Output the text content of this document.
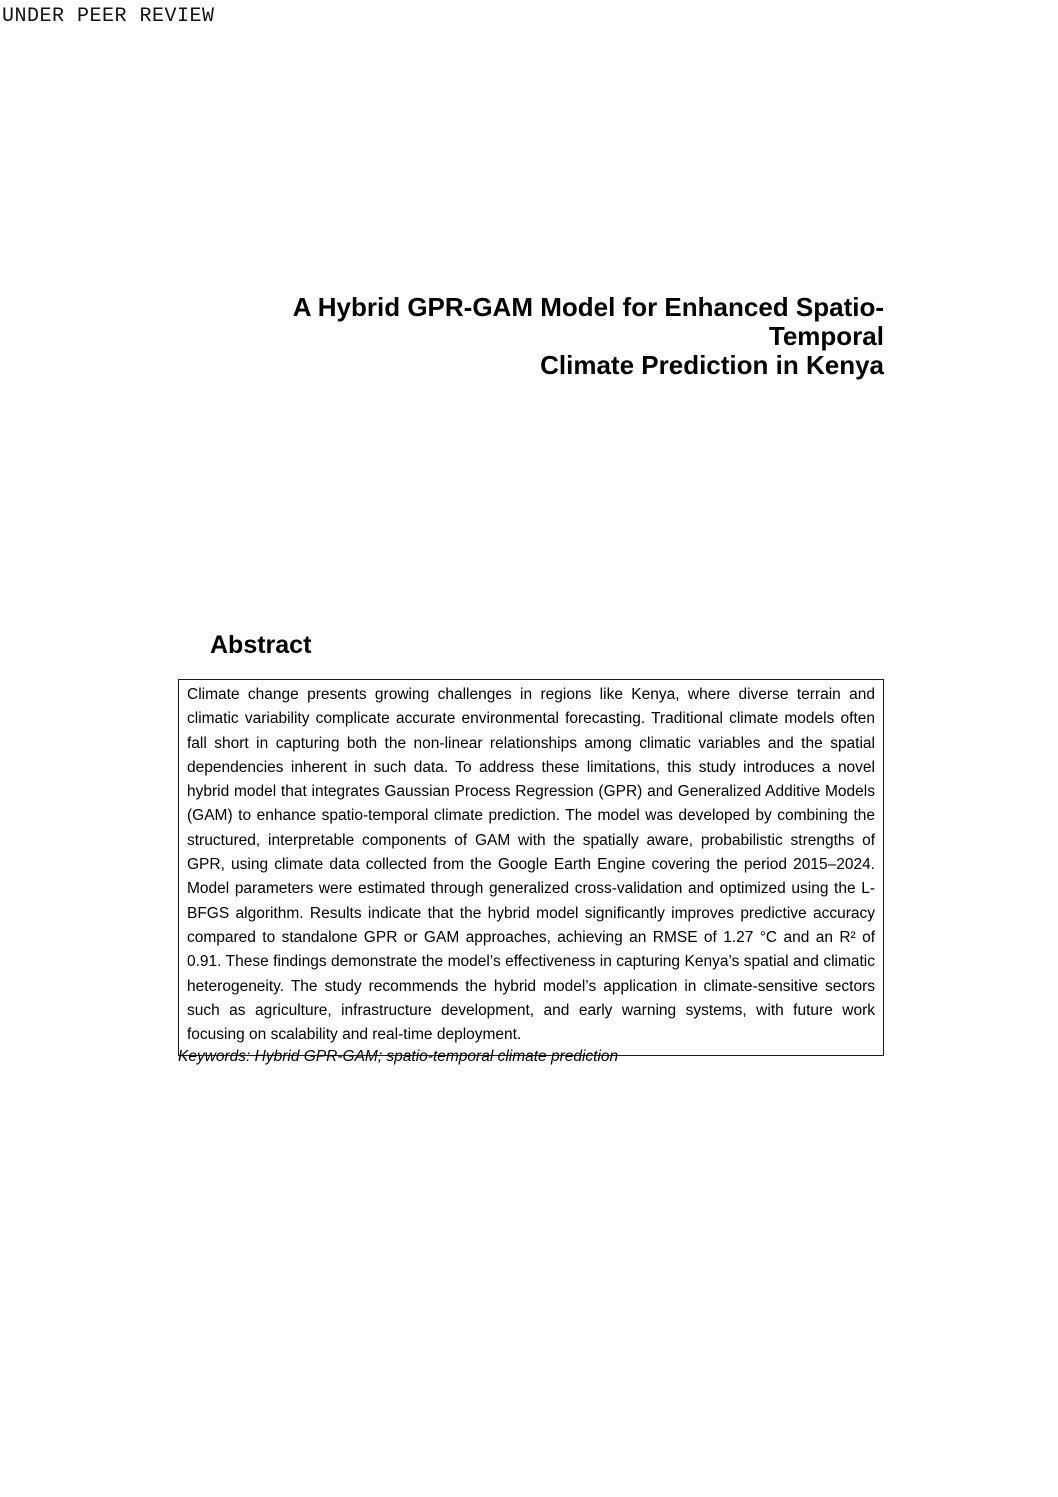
UNDER PEER REVIEW
A Hybrid GPR-GAM Model for Enhanced Spatio-Temporal
Climate Prediction in Kenya
Abstract

Climate change presents growing challenges in regions like Kenya, where diverse terrain and climatic variability complicate accurate environmental forecasting. Traditional climate models often fall short in capturing both the non-linear relationships among climatic variables and the spatial dependencies inherent in such data. To address these limitations, this study introduces a novel hybrid model that integrates Gaussian Process Regression (GPR) and Generalized Additive Models (GAM) to enhance spatio-temporal climate prediction. The model was developed by combining the structured, interpretable components of GAM with the spatially aware, probabilistic strengths of GPR, using climate data collected from the Google Earth Engine covering the period 2015–2024. Model parameters were estimated through generalized cross-validation and optimized using the L-BFGS algorithm. Results indicate that the hybrid model significantly improves predictive accuracy compared to standalone GPR or GAM approaches, achieving an RMSE of 1.27 °C and an R² of 0.91. These findings demonstrate the model’s effectiveness in capturing Kenya’s spatial and climatic heterogeneity. The study recommends the hybrid model’s application in climate-sensitive sectors such as agriculture, infrastructure development, and early warning systems, with future work focusing on scalability and real-time deployment.

Keywords: Hybrid GPR-GAM; spatio-temporal climate prediction
